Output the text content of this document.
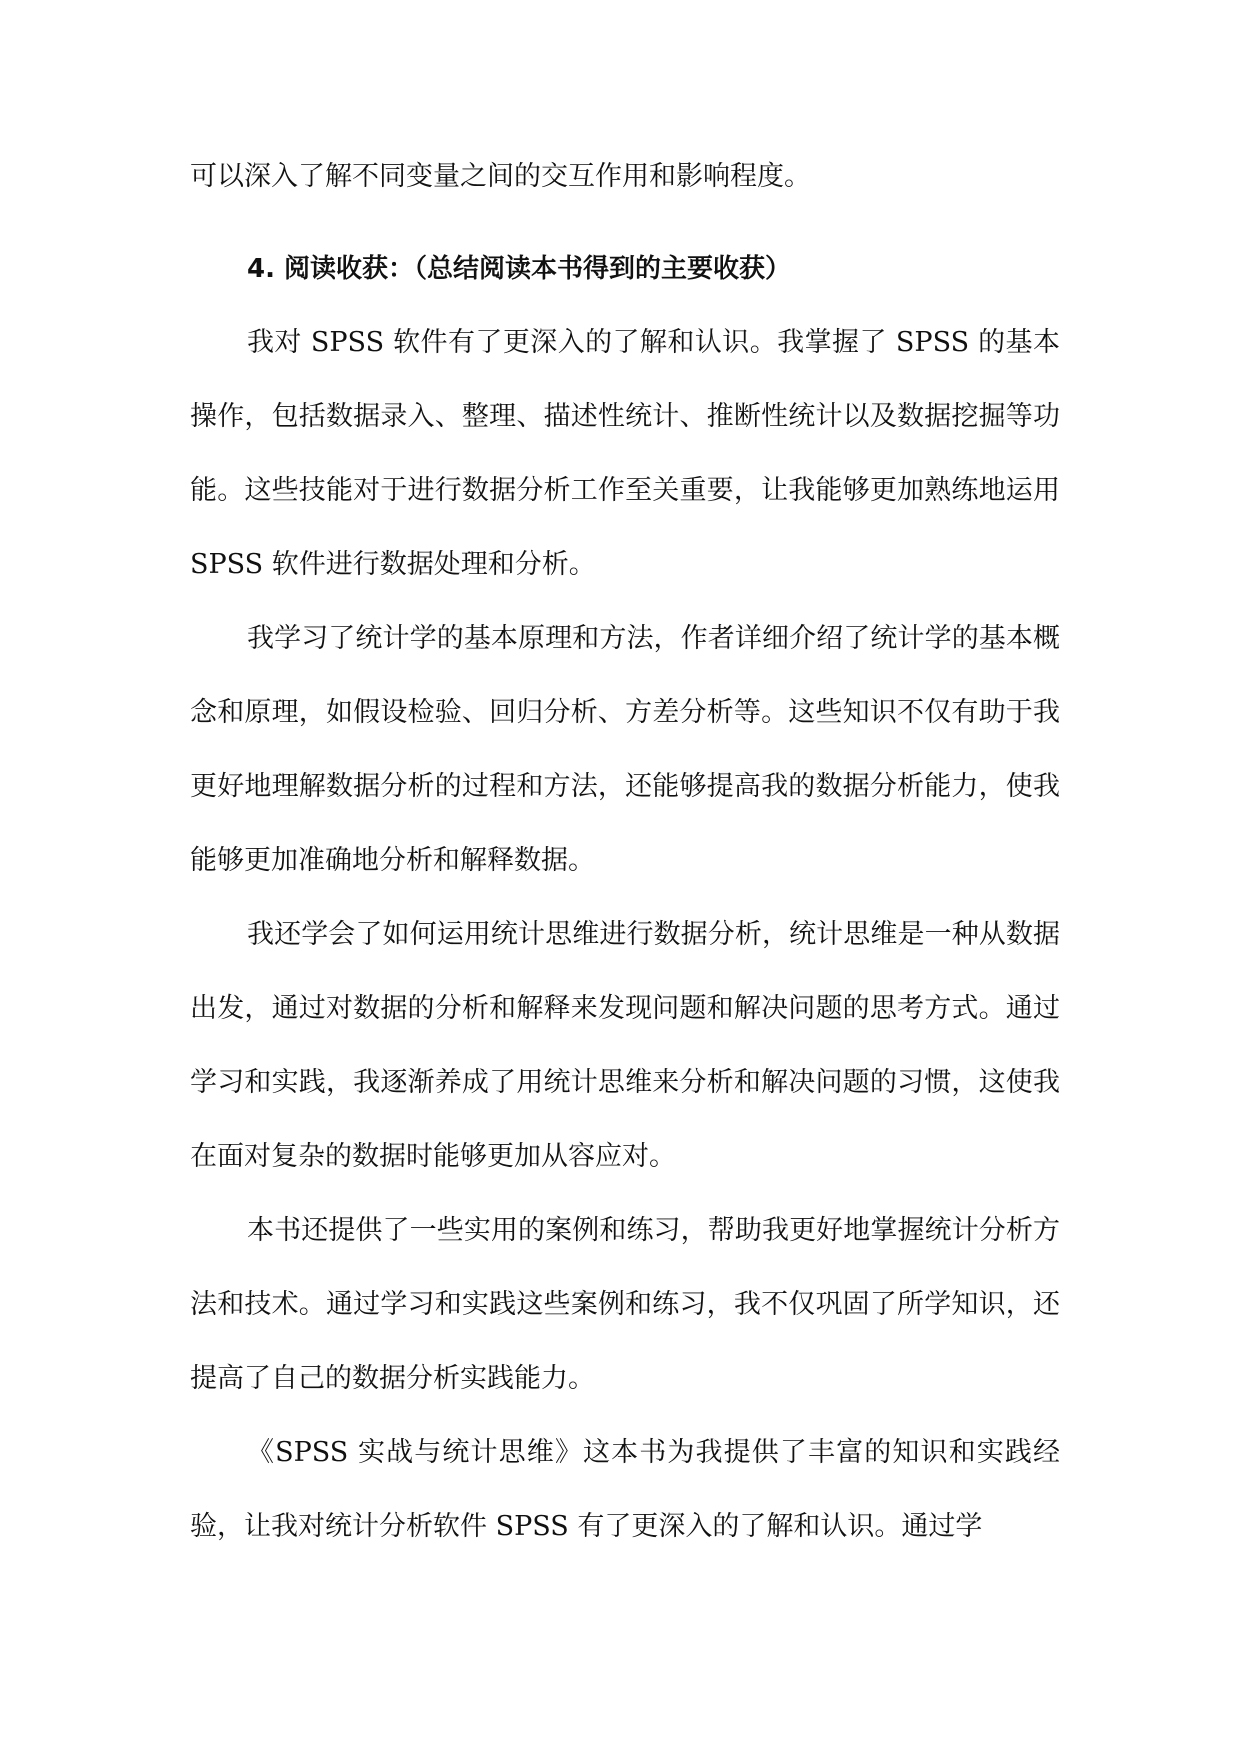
可以深入了解不同变量之间的交互作用和影响程度。

4. 阅读收获：（总结阅读本书得到的主要收获）

我对 SPSS 软件有了更深入的了解和认识。我掌握了 SPSS 的基本操作，包括数据录入、整理、描述性统计、推断性统计以及数据挖掘等功能。这些技能对于进行数据分析工作至关重要，让我能够更加熟练地运用 SPSS 软件进行数据处理和分析。

我学习了统计学的基本原理和方法，作者详细介绍了统计学的基本概念和原理，如假设检验、回归分析、方差分析等。这些知识不仅有助于我更好地理解数据分析的过程和方法，还能够提高我的数据分析能力，使我能够更加准确地分析和解释数据。

我还学会了如何运用统计思维进行数据分析，统计思维是一种从数据出发，通过对数据的分析和解释来发现问题和解决问题的思考方式。通过学习和实践，我逐渐养成了用统计思维来分析和解决问题的习惯，这使我在面对复杂的数据时能够更加从容应对。

本书还提供了一些实用的案例和练习，帮助我更好地掌握统计分析方法和技术。通过学习和实践这些案例和练习，我不仅巩固了所学知识，还提高了自己的数据分析实践能力。

《SPSS 实战与统计思维》这本书为我提供了丰富的知识和实践经验，让我对统计分析软件 SPSS 有了更深入的了解和认识。通过学
